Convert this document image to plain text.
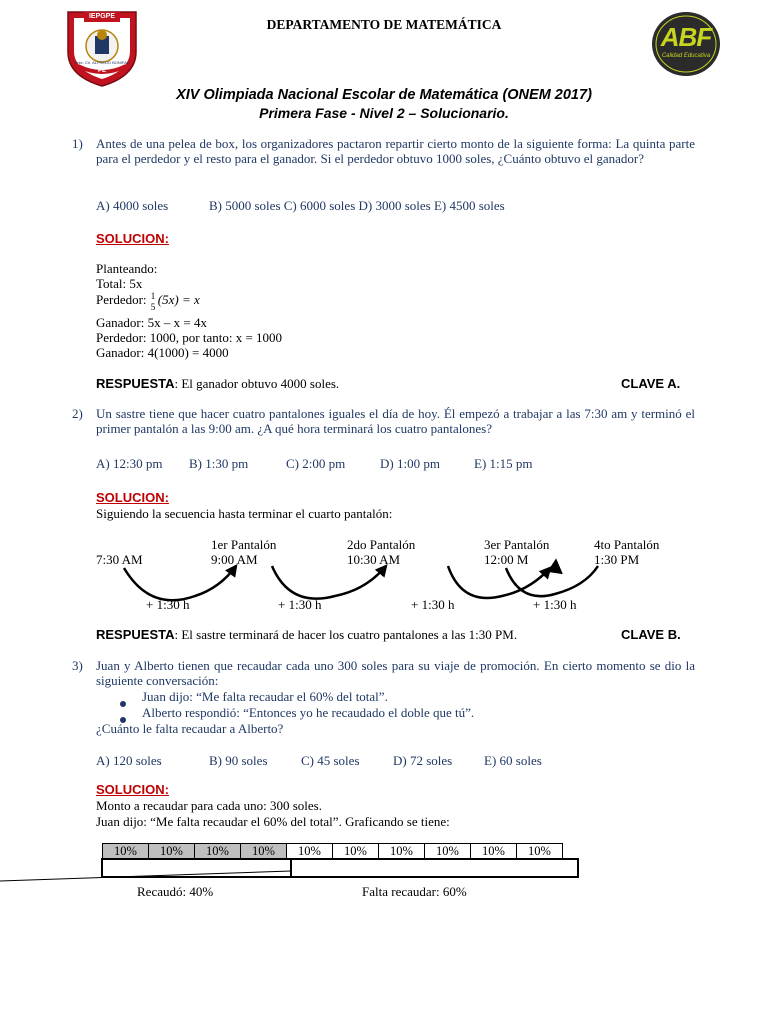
IEPGPE
Tnte. Crl. ALFREDO BONIFAZ
PE
DEPARTAMENTO DE MATEMÁTICA	ABF
Calidad Educativa
XIV Olimpiada Nacional Escolar de Matemática (ONEM 2017)
Primera Fase - Nivel 2 – Solucionario.
1) Antes de una pelea de box, los organizadores pactaron repartir cierto monto de la siguiente forma: La quinta parte para el perdedor y el resto para el ganador. Si el perdedor obtuvo 1000 soles, ¿Cuánto obtuvo el ganador?
A) 4000 soles	B) 5000 soles C) 6000 soles D) 3000 soles E) 4500 soles
SOLUCION:
Planteando:
Total: 5x
Perdedor: 1
5 (5x) = x
Ganador: 5x – x = 4x
Perdedor: 1000, por tanto: x = 1000
Ganador: 4(1000) = 4000
RESPUESTA: El ganador obtuvo 4000 soles.	CLAVE A.
2) Un sastre tiene que hacer cuatro pantalones iguales el día de hoy. Él empezó a trabajar a las 7:30 am y terminó el primer pantalón a las 9:00 am. ¿A qué hora terminará los cuatro pantalones?
A) 12:30 pm B) 1:30 pm	C) 2:00 pm	D) 1:00 pm	E) 1:15 pm
SOLUCION:
Siguiendo la secuencia hasta terminar el cuarto pantalón:
1er Pantalón	2do Pantalón	3er Pantalón	4to Pantalón
7:30 AM	9:00 AM	10:30 AM	12:00 M	1:30 PM
+ 1:30 h	+ 1:30 h	+ 1:30 h	+ 1:30 h
RESPUESTA: El sastre terminará de hacer los cuatro pantalones a las 1:30 PM.	CLAVE B.
3) Juan y Alberto tienen que recaudar cada uno 300 soles para su viaje de promoción. En cierto momento se dio la siguiente conversación:
Juan dijo: “Me falta recaudar el 60% del total”.
Alberto respondió: “Entonces yo he recaudado el doble que tú”.
¿Cuánto le falta recaudar a Alberto?
A) 120 soles	B) 90 soles	C) 45 soles	D) 72 soles E) 60 soles
SOLUCION:
Monto a recaudar para cada uno: 300 soles.
Juan dijo: “Me falta recaudar el 60% del total”. Graficando se tiene:
10%	10%	10%	10%	10%	10%	10%	10%	10%	10%
Recaudó: 40%	Falta recaudar: 60%
